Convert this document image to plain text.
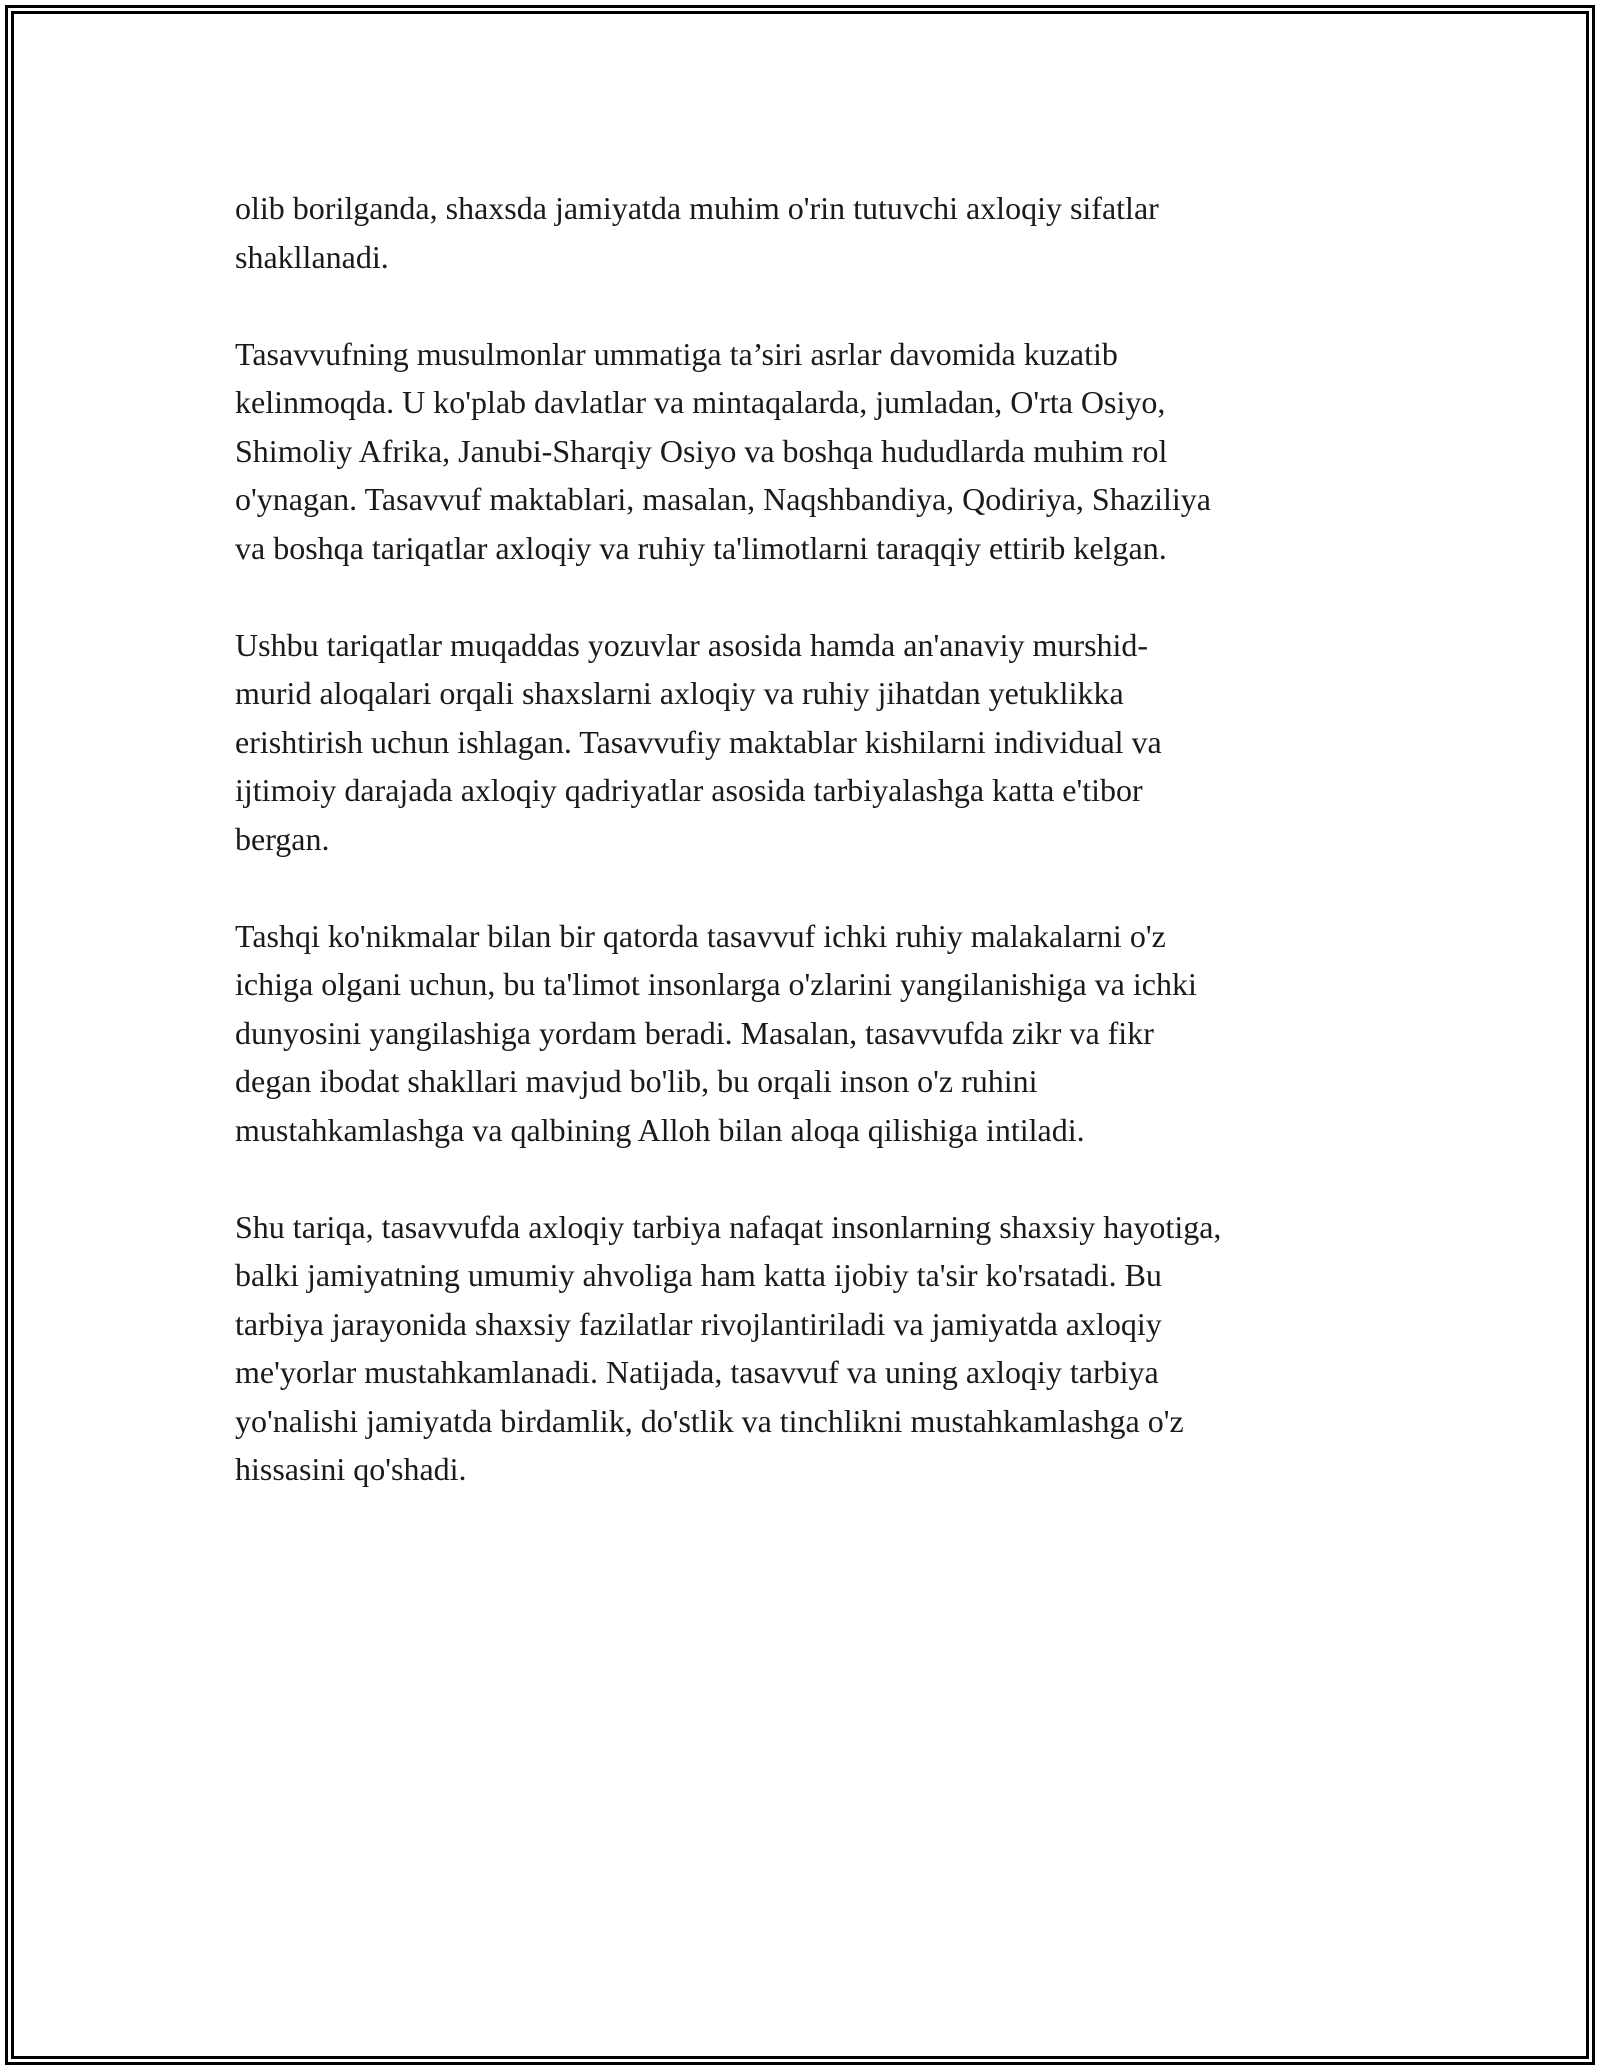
olib borilganda, shaxsda jamiyatda muhim o'rin tutuvchi axloqiy sifatlar
shakllanadi.

Tasavvufning musulmonlar ummatiga ta’siri asrlar davomida kuzatib
kelinmoqda. U ko'plab davlatlar va mintaqalarda, jumladan, O'rta Osiyo,
Shimoliy Afrika, Janubi-Sharqiy Osiyo va boshqa hududlarda muhim rol
o'ynagan. Tasavvuf maktablari, masalan, Naqshbandiya, Qodiriya, Shaziliya
va boshqa tariqatlar axloqiy va ruhiy ta'limotlarni taraqqiy ettirib kelgan.

Ushbu tariqatlar muqaddas yozuvlar asosida hamda an'anaviy murshid-
murid aloqalari orqali shaxslarni axloqiy va ruhiy jihatdan yetuklikka
erishtirish uchun ishlagan. Tasavvufiy maktablar kishilarni individual va
ijtimoiy darajada axloqiy qadriyatlar asosida tarbiyalashga katta e'tibor
bergan.

Tashqi ko'nikmalar bilan bir qatorda tasavvuf ichki ruhiy malakalarni o'z
ichiga olgani uchun, bu ta'limot insonlarga o'zlarini yangilanishiga va ichki
dunyosini yangilashiga yordam beradi. Masalan, tasavvufda zikr va fikr
degan ibodat shakllari mavjud bo'lib, bu orqali inson o'z ruhini
mustahkamlashga va qalbining Alloh bilan aloqa qilishiga intiladi.

Shu tariqa, tasavvufda axloqiy tarbiya nafaqat insonlarning shaxsiy hayotiga,
balki jamiyatning umumiy ahvoliga ham katta ijobiy ta'sir ko'rsatadi. Bu
tarbiya jarayonida shaxsiy fazilatlar rivojlantiriladi va jamiyatda axloqiy
me'yorlar mustahkamlanadi. Natijada, tasavvuf va uning axloqiy tarbiya
yo'nalishi jamiyatda birdamlik, do'stlik va tinchlikni mustahkamlashga o'z
hissasini qo'shadi.
